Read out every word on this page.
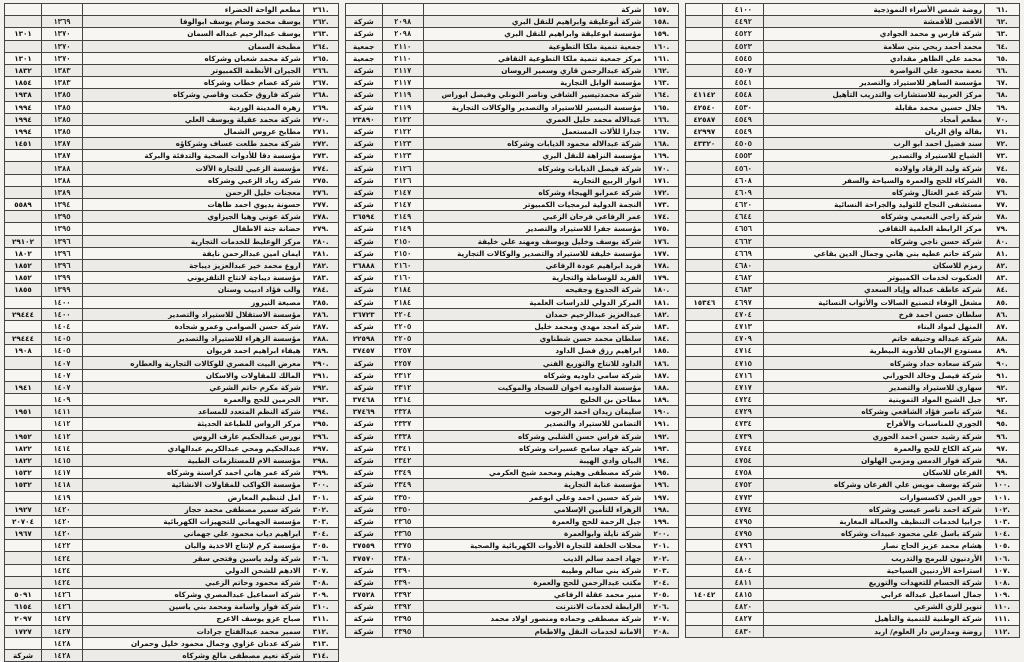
.٦١	روضة شمس الأسراء النموذجية	٤١٠٠	
.٦٢	الأقصى للأقمشة	٤٤٩٢	
.٦٣	شركة فارس و محمد الجوادي	٤٥٢٢	
.٦٤	محمد أحمد ربحي بني سلامة	٤٥٢٣	
.٦٥	محمد علي الظاهر مقدادي	٤٥٤٥	
.٦٦	نعمة محمود علي النواصرة	٤٥٠٧	
.٦٧	مؤسسة الساهر للاستيراد والتصدير	٤٥٤١	
.٦٨	مركز العربية للاستشارات والتدريب التأهيل	٤٥٤٨	٤١١٤٢
.٦٩	جلال حسين محمد مقابلة	٤٥٣٠	٤٢٥٤٠
.٧٠	مطعم أمجاد	٤٥٤٩	٤٢٥٨٧
.٧١	بقالة واق الريان	٤٥٤٩	٤٢٩٩٧
.٧٢	سند فضيل احمد ابو الرب	٤٥٠٥	٤٣٣٢٠
.٧٣	الشياح للاستيراد والتصدير	٤٥٥٣	
.٧٤	شركة وليد الرقاد واولاده	٤٥٦٠	
.٧٥	الشركاء للحج والعمرة والسياحة والسفر	٤٦٠٨	
.٧٦	شركة عمر العتال وشركاه	٤٦٠٩	
.٧٧	مستشفى النجاح للتوليد والجراحة النسائية	٤٦٢٠	
.٧٨	شركة راجي النعيمي وشركاه	٤٦٤٤	
.٧٩	مركز الرابطة العلمية الثقافي	٤٦٥٦	
.٨٠	شركة حسن ناجي وشركاه	٤٦٦٢	
.٨١	شركة حاتم عطيه بني هاني وجمال الدين بقاعي	٤٦٦٩	
.٨٢	زمزم للاسكان	٤٦٨٠	
.٨٣	العنكبوت لخدمات الكمبيوتر	٤٦٨٢	
.٨٤	شركة عاطف عبداله وإياد السعدي	٤٦٨٣	
.٨٥	مشغل الوفاء لتصنيع الصالات والأثواب النسائية	٤٦٩٧	١٥٣٤٦
.٨٦	سلطان حسن احمد فرخ	٤٧٠٤	
.٨٧	المنهل لمواد البناء	٤٧١٣	
.٨٨	شركة عبداله وحنيفه خاتم	٤٧٠٩	
.٨٩	مستودع الإيمان للأدوية البيطرية	٤٧١٤	
.٩٠	شركة سعاده حداد وشركاه	٤٧١٥	
.٩١	شركة فيصل وخالد الحوراني	٤٧١٦	
.٩٢	سهاري للاستيراد والتصدير	٤٧١٧	
.٩٣	جيل الشيخ المواد التموينية	٤٧٢٤	
.٩٤	شركة ناصر فؤاد الشافعي وشركاه	٤٧٢٩	
.٩٥	الجوري للمناسبات والأفراح	٤٧٣٤	
.٩٦	شركة رشيد حسن احمد الحوري	٤٧٣٩	
.٩٧	شركة الكاخ للحج والعمرة	٤٧٤٤	
.٩٨	شركة فواز الدمس ومزمي الهلوان	٤٧٥٤	
.٩٩	الفرعان للاسكان	٤٧٥٨	
.١٠٠	شركة يوسف مويس علي الفرعان وشركاه	٤٧٥٢	
.١٠١	حور العين لاكسسوارات	٤٧٧٣	
.١٠٢	شركة احمد ناصر عيسى وشركاه	٤٧٧٤	
.١٠٣	جرابيا لخدمات التنظيف والعمالة المغاربة	٤٧٩٥	
.١٠٤	شركة باسل علي محمود عبيدات وشركاه	٤٧٩٥	
.١٠٥	هشام محمد عزيز الحاج نصار	٤٧٩٦	
.١٠٦	الأردنيون للبرمج والتدريب	٤٨٠٠	
.١٠٧	استراحة الأردنيين السياحية	٤٨٠٤	
.١٠٨	شركة الحسام للتعهدات والتوزيع	٤٨١١	
.١٠٩	جمال اسماعيل عبداله عرابي	٤٨١٥	١٤٠٤٢
.١١٠	تنوير للزي الشرعي	٤٨٢٠	
.١١١	شركة الوطنية للتنمية والتأهيل	٤٨٢٧	
.١١٢	روضة ومدارس دار العلوم/ اربد	٤٨٣٠	
.١٥٧	شركة		
.١٥٨	شركة أبوعليقة وابراهيم للنقل البري	٢٠٩٨	شركة
.١٥٩	مؤسسة ابوعليقة وابراهيم للنقل البري	٢٠٩٨	شركة
.١٦٠	جمعية تنمية ملكا التطوعية	٢١١٠	جمعية
.١٦١	مركز جمعية تنمية ملكا التطوعية الثقافي	٢١١٠	جمعية
.١٦٢	شركة عبدالرحمن قاري وسمير الروسان	٢١١٧	شركة
.١٦٣	مؤسسة الوابل التجارية	٢١١٧	شركة
.١٦٤	شركة محمدتيسير الشافي وناصر النونلي وفيصل ابوراس	٢١١٩	شركة
.١٦٥	مؤسسة النيسير للاستيراد والتصدير والوكالات التجارية	٢١١٩	شركة
.١٦٦	عبدالاله محمد خليل العمري	٢١٢٢	٢٣٨٩٠
.١٦٧	جذارا للألات المستعمل	٢١٢٢	شركة
.١٦٨	شركة عبدالاله محمود الذيابات وشركاه	٢١٢٣	شركة
.١٦٩	مؤسسة النزاهة للنقل البري	٢١٢٣	شركة
.١٧٠	شركة فيصل الذيابات وشركاه	٢١٢٦	شركة
.١٧١	انوار الربيع التجارية	٢١٢٦	شركة
.١٧٢	شركة عمرابو الهيجاء وشركاه	٢١٤٧	شركة
.١٧٣	النجمة الدولية لبرمجيات الكمبيوتر	٢١٤٧	شركة
.١٧٤	عمر الرفاعي فرحان الزعبي	٢١٤٩	٣٦٥٩٤
.١٧٥	مؤسسة جفرا للاستيراد والتصدير	٢١٤٩	شركة
.١٧٦	شركة يوسف وخليل ويوسف ومهند علي خليفة	٢١٥٠	شركة
.١٧٧	مؤسسة خليفة للاستيراد والتصدير والوكالات التجارية	٢١٥٠	شركة
.١٧٨	فريد ابراهيم عودة الرفاعي	٢١٦٠	٣٦٨٨٨
.١٧٩	الفريد للوساطة والتجارية	٢١٦٠	شركة
.١٨٠	شركة الجذوع وجفيحه	٢١٨٤	شركة
.١٨١	المركز الدولي للدراسات العلمية	٢١٨٤	شركة
.١٨٢	عبدالعزيز عبدالرحيم حمدان	٢٢٠٤	٣٦٧٢٣
.١٨٣	شركة امجد مهدي ومحمد خليل	٢٢٠٥	شركة
.١٨٤	سلطان محمد حسن شطناوي	٢٢٠٥	٢٢٥٩٨
.١٨٥	ابراهيم رزق فضل الداود	٢٢٥٧	٣٧٤٥٧
.١٨٦	الداود للانتاج والتوزيع الفني	٢٢٥٧	شركة
.١٨٧	شركة سامي داوديه وشركاه	٢٣١٢	شركة
.١٨٨	مؤسسة الداوديه اخوان للسجاد والموكيت	٢٣١٢	شركة
.١٨٩	مطاحن بن الخليج	٢٣١٤	٣٧٤٦٨
.١٩٠	سليمان زيدان احمد الرجوب	٢٣٢٨	٣٧٤٦٩
.١٩١	التضامن للاستيراد والتصدير	٢٣٣٧	شركة
.١٩٢	شركة فراس حسن الشلبي وشركاه	٢٣٣٨	شركة
.١٩٣	شركة جهاد سامح غسيرات وشركاه	٢٣٤١	شركة
.١٩٤	البيان وادي الهيبة	٢٣٤٢	شركة
.١٩٥	شركة مصطفى وهيثم ومحمد شيخ العكرمي	٢٣٤٩	شركة
.١٩٦	مؤسسة عنابة التجارية	٢٣٤٩	شركة
.١٩٧	شركة حسين احمد وعلي ابوعمر	٢٣٥٠	شركة
.١٩٨	الزهراء للتأمين الإسلامي	٢٣٥٠	شركة
.١٩٩	جيل الرحمة للحج والعمرة	٢٣٦٥	شركة
.٢٠٠	شركة نايلة وابوالعمرة	٢٣٦٥	شركة
.٢٠١	محلات الخلفة للتجارة الأدوات الكهربائية والصحية	٢٣٧٥	٣٧٥٥٩
.٢٠٢	جهاد احمد سالم الذيب	٢٣٨٠	٣٧٥٧٠
.٢٠٣	شركة بني سالم وطيبه	٢٣٩٠	شركة
.٢٠٤	مكتب عبدالرحمن للحج والعمرة	٢٣٩٠	شركة
.٢٠٥	منير محمد عقلة الرفاعي	٢٣٩٢	٣٧٥٢٨
.٢٠٦	الرابطة لخدمات الانترنت	٢٣٩٢	شركة
.٢٠٧	شركة مصطفى وحماده ومنصور اولاد محمد	٢٣٩٥	شركة
.٢٠٨	الامانة لخدمات النقل والاطعام	٢٣٩٥	شركة
.٢٦١	مطعم الواحة الخضراء		
.٢٦٢	يوسف محمد وسام يوسف ابوالوفا	١٣٦٩	
.٢٦٣	يوسف عبدالرحيم عبداله السمان	١٣٧٠	١٣٠١
.٢٦٤	مطبخة السمان	١٣٧٠	
.٢٦٥	شركة محمد شعبان وشركاه	١٣٧٠	١٣٠١
.٢٦٦	الجيران الأنظمة الكمبيوتر	١٣٨٣	١٨٣٢
.٢٦٧	شركة عصام خطاب وشركاه	١٣٨٣	١٨٥٤
.٢٦٨	شركة فاروق حكمت وقاصي وشركاه	١٣٨٥	١٩٣٨
.٢٦٩	زهرة المدينة الوردية	١٣٨٥	١٩٩٤
.٢٧٠	شركة محمد عقيلة ويوسف العلي	١٣٨٥	١٩٩٤
.٢٧١	مطابخ عروس الشمال	١٣٨٥	١٩٩٤
.٢٧٢	شركة محمد طلعت عساف وشركاؤه	١٣٨٧	١٤٥١
.٢٧٣	مؤسسة دقا للأدوات الصحية والتدفئة والبركة	١٣٨٧	
.٢٧٤	مؤسسة الزعبي للتجارة الآلات	١٣٨٨	
.٢٧٥	شركة زياد الزعبي وشركاه	١٣٨٨	
.٢٧٦	معجنات خليل الرحمن	١٣٨٩	
.٢٧٧	حسونة بديوي احمد طاهات	١٣٩٤	٥٥٨٩
.٢٧٨	شركة عوني وهيا الجيزاوي	١٣٩٥	
.٢٧٩	حضانة جنة الاطفال	١٣٩٥	
.٢٨٠	مركز الوعليط للخدمات التجارية	١٣٩٦	٢٩١٠٢
.٢٨١	ايمان امين عبدالرحمن نايفة	١٣٩٦	١٨٠٢
.٢٨٢	اروع محمد خير عبدالعزيز ديباجة	١٣٩٦	١٨٥٢
.٢٨٣	مؤسسة ديباجة لانتاج التلفزيوني	١٣٩٩	١٨٥٢
.٢٨٤	والب فؤاد ادبيب وسنان	١٣٩٩	١٨٥٥
.٢٨٥	مصبغة النيروز	١٤٠٠	
.٢٨٦	مؤسسة الاستقلال للاستيراد والتصدير	١٤٠٠	٢٩٤٤٤
.٢٨٧	شركة حسن الصوامي وعمرو شحادة	١٤٠٤	
.٢٨٨	مؤسسة الزهراء للاستيراد والتصدير	١٤٠٥	٢٩٤٤٤
.٢٨٩	هيفاء ابراهيم احمد فريوان	١٤٠٥	١٩٠٨
.٢٩٠	معرض البيت المصري للوكالات التجارية والعطاره	١٤٠٧	
.٢٩١	المالك للمقاولات والاسكان	١٤٠٧	
.٢٩٢	شركة مكرم حاتم الشرعي	١٤٠٧	١٩٤١
.٢٩٣	الحرمين للحج والعمرة	١٤٠٩	
.٢٩٤	شركة النظم المتعدد للمساعد	١٤١١	١٩٥١
.٢٩٥	مركز الرواس للطباعة الحديثة	١٤١٢	
.٢٩٦	نورس عبدالحكيم عارف الروس	١٤١٢	١٩٥٢
.٢٩٧	عبدالحكيم ومحي عبدالكريم عبدالهادي	١٤١٤	١٨٢٢
.٢٩٨	مؤسسة الام للمستلزمات الطبية	١٤١٥	١٨٢٢
.٢٩٩	شركة عمر هاني احمد كراسنة وشركاه	١٤١٧	١٥٣٢
.٣٠٠	مؤسسة الكواكب للمقاولات الانشائية	١٤١٨	١٥٣٢
.٣٠١	امل لتنظيم المعارض	١٤١٩	
.٣٠٢	شركة سمير مصطفى محمد حجاز	١٤٢٠	١٩٢٧
.٣٠٣	مؤسسة الجهماني للتجهيزات الكهربائية	١٤٢٠	٢٠٧٠٤
.٣٠٤	ابراهيم دياب محمود علي جهماني	١٤٢٠	١٩٦٧
.٣٠٥	مؤسسة كرم لإنتاج الاخذية والبان	١٤٢٢	
.٣٠٦	شركة وليد ياسين وفتحي سقر	١٤٢٤	
.٣٠٧	الادهم للشحن الدولي	١٤٢٤	
.٣٠٨	شركة محمود وحاتم الزعبي	١٤٢٤	
.٣٠٩	شركة اسماعيل عبدالمصري وشركاه	١٤٢٦	٥٠٩١
.٣١٠	شركة فواز واسامة ومحمد بني ياسين	١٤٢٦	٦١٥٤
.٣١١	صباح عزو يوسف الاعرج	١٤٢٧	٢٠٩٧
.٣١٢	سمير محمد عبدالفتاح جرادات	١٤٢٧	١٧٢٧
.٣١٣	شركة عدنان غزاوي وجمال محمود خليل وحمران	١٤٢٨	
.٣١٤	شركة نعيم مصطفى مالع وشركاه	١٤٢٨	شركة
